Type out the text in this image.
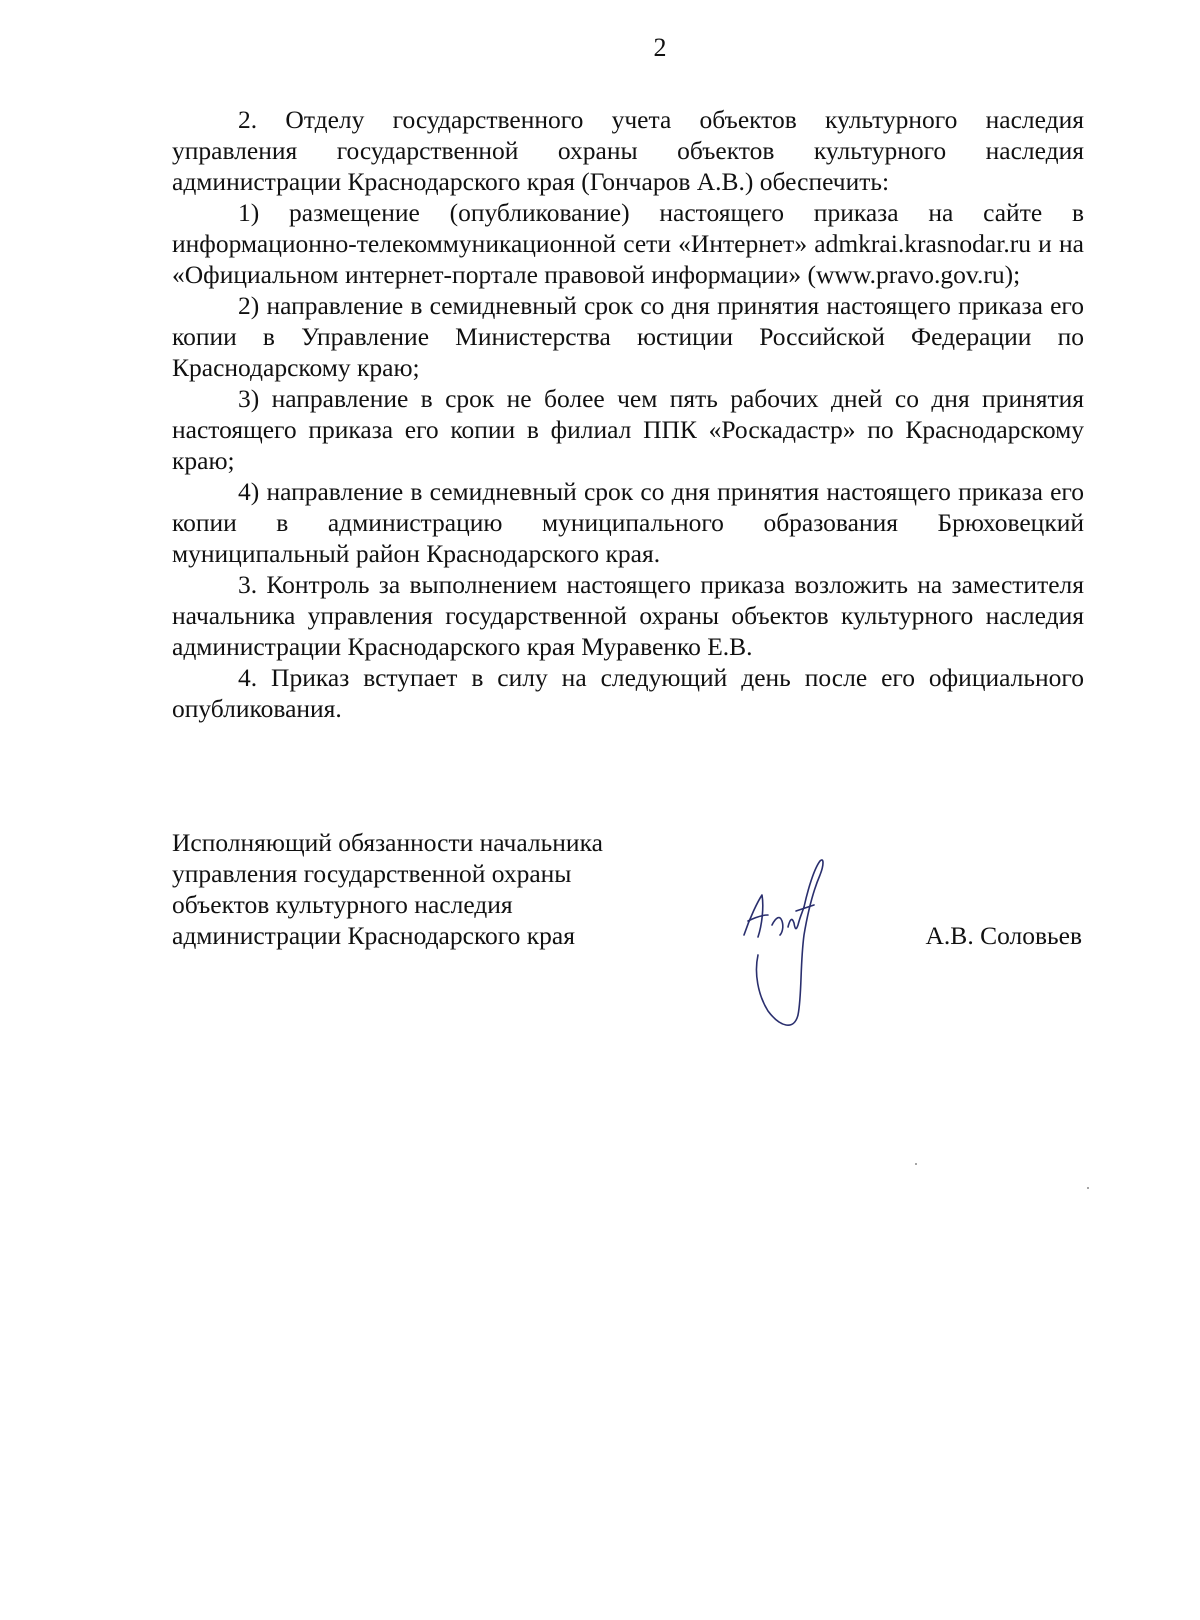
2

2. Отделу государственного учета объектов культурного наследия управления государственной охраны объектов культурного наследия администрации Краснодарского края (Гончаров А.В.) обеспечить:

1) размещение (опубликование) настоящего приказа на сайте в информационно-телекоммуникационной сети «Интернет» admkrai.krasnodar.ru и на «Официальном интернет-портале правовой информации» (www.pravo.gov.ru);

2) направление в семидневный срок со дня принятия настоящего приказа его копии в Управление Министерства юстиции Российской Федерации по Краснодарскому краю;

3) направление в срок не более чем пять рабочих дней со дня принятия настоящего приказа его копии в филиал ППК «Роскадастр» по Краснодарскому краю;

4) направление в семидневный срок со дня принятия настоящего приказа его копии в администрацию муниципального образования Брюховецкий муниципальный район Краснодарского края.

3. Контроль за выполнением настоящего приказа возложить на заместителя начальника управления государственной охраны объектов культурного наследия администрации Краснодарского края Муравенко Е.В.

4. Приказ вступает в силу на следующий день после его официального опубликования.

Исполняющий обязанности начальника
управления государственной охраны
объектов культурного наследия
администрации Краснодарского края	А.В. Соловьев
